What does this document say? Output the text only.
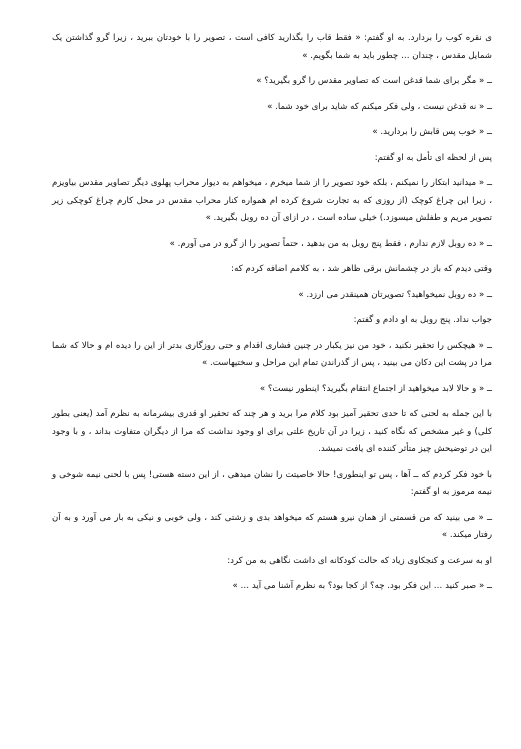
ی نقره کوب را بردارد. به او گفتم: « فقط قاب را بگذارید کافی است ، تصویر را با خودتان ببرید ، زیرا گرو گذاشتن یک شمایل مقدس ، چندان … چطور باید به شما بگویم. »

ــ « مگر برای شما قدغن است که تصاویر مقدس را گرو بگیرید؟ »

ــ « نه قدغن نیست ، ولی فکر میکنم که شاید برای خود شما. »

ــ « خوب پس قابش را بردارید. »

پس از لحظه ای تأمل به او گفتم:

ــ « میدانید ابتکار را نمیکنم ، بلکه خود تصویر را از شما میخرم ، میخواهم به دیوار محراب پهلوی دیگر تصاویر مقدس بیاویزم ، زیرا این چراغ کوچک (از روزی که به تجارت شروع کرده ام همواره کنار محراب مقدس در محل کارم چراغ کوچکی زیر تصویر مریم و طفلش میسوزد.) خیلی ساده است ، در ازای آن ده روبل بگیرید. »

ــ « ده روبل لازم ندارم ، فقط پنج روبل به من بدهید ، حتماً تصویر را از گرو در می آورم. »

وقتی دیدم که باز در چشمانش برقی ظاهر شد ، به کلامم اضافه کردم که:

ــ « ده روبل نمیخواهید؟ تصویرتان همینقدر می ارزد. »

جواب نداد. پنج روبل به او دادم و گفتم:

ــ « هیچکس را تحقیر نکنید ، خود من نیز یکبار در چنین فشاری اقدام و حتی روزگاری بدتر از این را دیده ام و حالا که شما مرا در پشت این دکان می بینید ، پس از گذراندن تمام این مراحل و سختیهاست. »

ــ « و حالا لابد میخواهید از اجتماع انتقام بگیرید؟ اینطور نیست؟ »

با این جمله به لحنی که تا حدی تحقیر آمیز بود کلام مرا برید و هر چند که تحقیر او قدری بیشرمانه به نظرم آمد (یعنی بطور کلی) و غیر مشخص که نگاه کنید ، زیرا در آن تاریخ علتی برای او وجود نداشت که مرا از دیگران متفاوت بداند ، و با وجود این در توضیحش چیز متأثر کننده ای یافت نمیشد.

با خود فکر کردم که ــ آها ، پس تو اینطوری! حالا خاصیتت را نشان میدهی ، از این دسته هستی! پس با لحنی نیمه شوخی و نیمه مرموز به او گفتم:

ــ « می بینید که من قسمتی از همان نیرو هستم که میخواهد بدی و زشتی کند ، ولی خوبی و نیکی به بار می آورد و به آن رفتار میکند. »

او به سرعت و کنجکاوی زیاد که حالت کودکانه ای داشت نگاهی به من کرد:

ــ « صبر کنید … این فکر بود. چه؟ از کجا بود؟ به نظرم آشنا می آید … »
